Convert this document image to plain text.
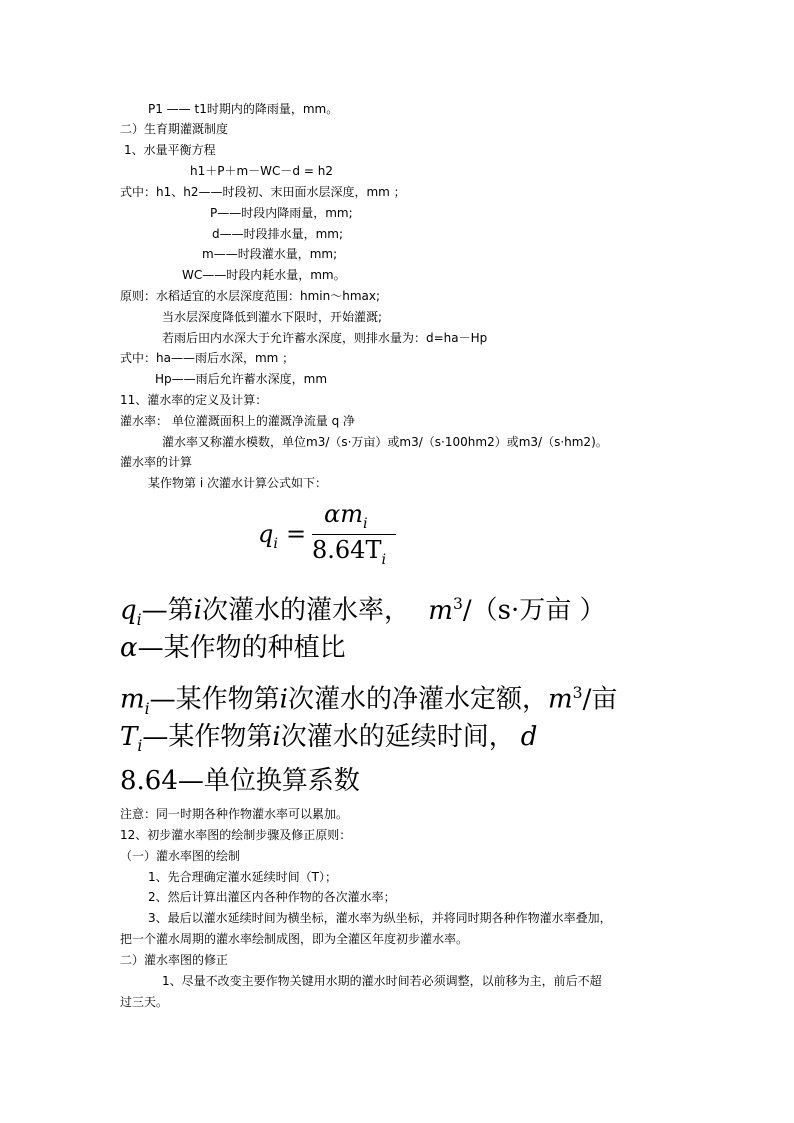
P1 —— t1时期内的降雨量，mm。
二）生育期灌溉制度
1、水量平衡方程
h1＋P＋m－WC－d = h2
式中：h1、h2——时段初、末田面水层深度，mm ；
P——时段内降雨量，mm;
d——时段排水量，mm;
m——时段灌水量，mm;
WC——时段内耗水量，mm。
原则：水稻适宜的水层深度范围：hmin～hmax;
当水层深度降低到灌水下限时，开始灌溉;
若雨后田内水深大于允许蓄水深度，则排水量为：d=ha－Hp
式中：ha——雨后水深，mm ；
Hp——雨后允许蓄水深度，mm
11、灌水率的定义及计算：
灌水率： 单位灌溉面积上的灌溉净流量 q 净
灌水率又称灌水模数，单位m3/（s·万亩）或m3/（s·100hm2）或m3/（s·hm2)。
灌水率的计算
某作物第 i 次灌水计算公式如下：
$q_i$ =
$\alpha m_i$
$8.64T_i$
$q_i—$第i次灌水的灌水率， $m^3/(s\cdot$万亩 ）
α—某作物的种植比
$m_i—$某作物第i次灌水的净灌水定额，$m^3/$亩
$T_i—$某作物第i次灌水的延续时间， d
8.64—单位换算系数
注意：同一时期各种作物灌水率可以累加。
12、初步灌水率图的绘制步骤及修正原则：
（一）灌水率图的绘制
1、先合理确定灌水延续时间（T）；
2、然后计算出灌区内各种作物的各次灌水率；
3、最后以灌水延续时间为横坐标，灌水率为纵坐标，并将同时期各种作物灌水率叠加，
把一个灌水周期的灌水率绘制成图，即为全灌区年度初步灌水率。
二）灌水率图的修正
1、尽量不改变主要作物关键用水期的灌水时间若必须调整，以前移为主，前后不超
过三天。
